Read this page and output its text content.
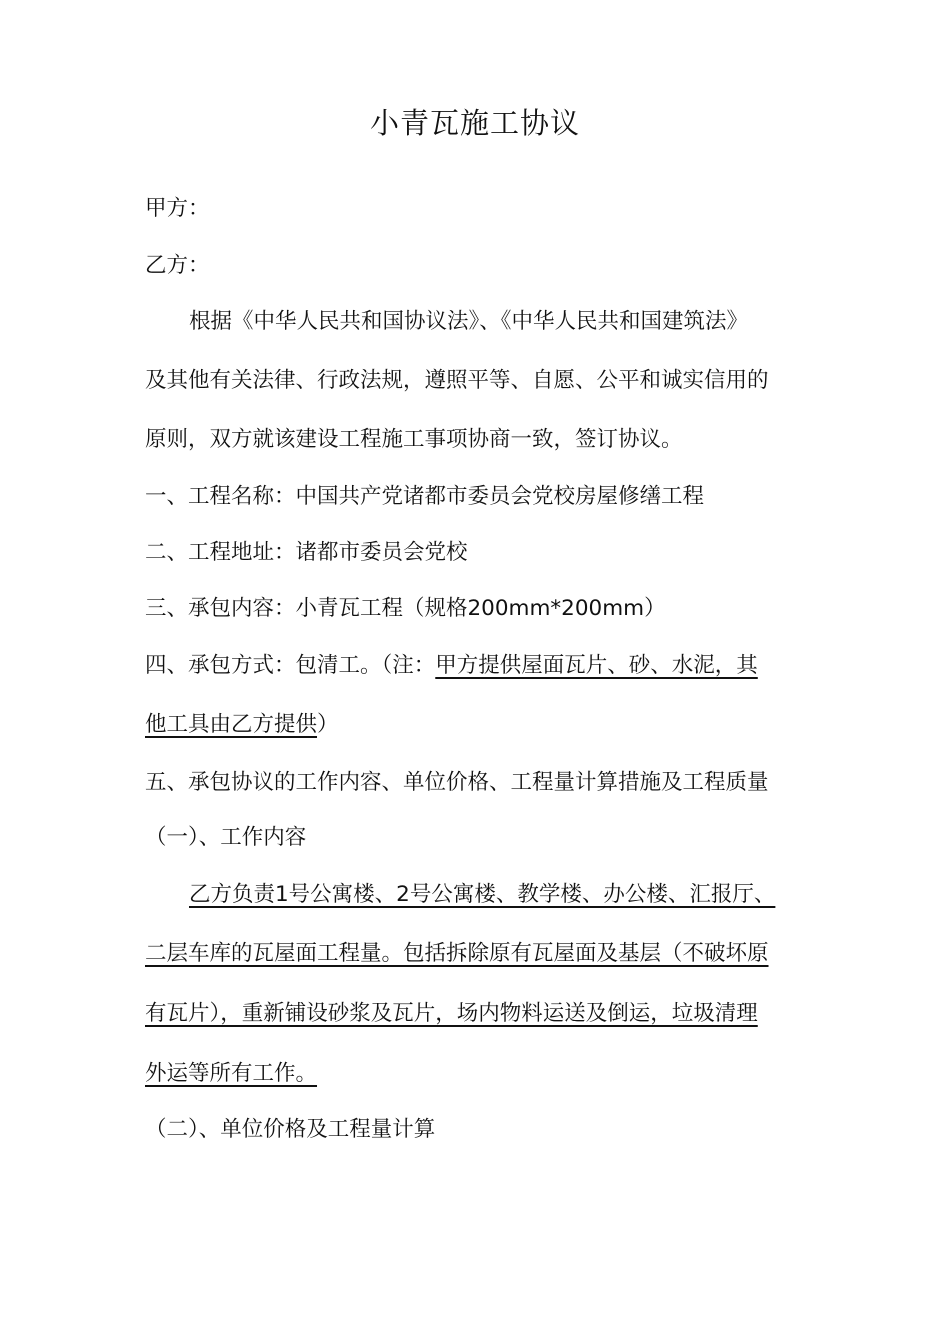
小青瓦施工协议
甲方：
乙方：
根据《中华人民共和国协议法》、《中华人民共和国建筑法》
及其他有关法律、行政法规，遵照平等、自愿、公平和诚实信用的
原则，双方就该建设工程施工事项协商一致，签订协议。
一、工程名称：中国共产党诸都市委员会党校房屋修缮工程
二、工程地址：诸都市委员会党校
三、承包内容：小青瓦工程（规格200mm*200mm）
四、承包方式：包清工。（注：甲方提供屋面瓦片、砂、水泥，其
他工具由乙方提供）
五、承包协议的工作内容、单位价格、工程量计算措施及工程质量
（一）、工作内容
乙方负责1号公寓楼、2号公寓楼、教学楼、办公楼、汇报厅、
二层车库的瓦屋面工程量。包括拆除原有瓦屋面及基层（不破坏原
有瓦片），重新铺设砂浆及瓦片，场内物料运送及倒运，垃圾清理
外运等所有工作。
（二）、单位价格及工程量计算
